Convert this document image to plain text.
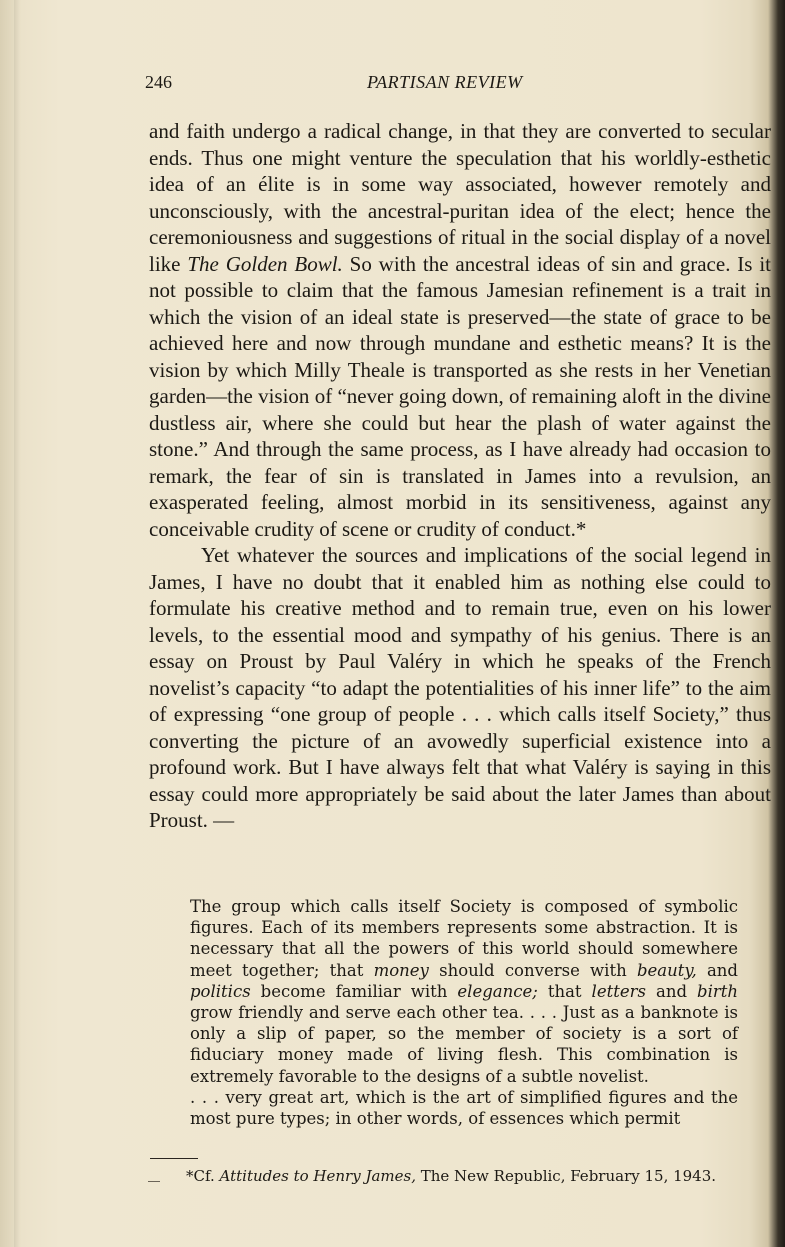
246	PARTISAN REVIEW

and faith undergo a radical change, in that they are converted to secular ends. Thus one might venture the speculation that his worldly-esthetic idea of an élite is in some way associated, however remotely and unconsciously, with the ancestral-puritan idea of the elect; hence the ceremoniousness and suggestions of ritual in the social display of a novel like The Golden Bowl. So with the ancestral ideas of sin and grace. Is it not possible to claim that the famous Jamesian refinement is a trait in which the vision of an ideal state is preserved—the state of grace to be achieved here and now through mundane and esthetic means? It is the vision by which Milly Theale is transported as she rests in her Venetian garden—the vision of “never going down, of remaining aloft in the divine dustless air, where she could but hear the plash of water against the stone.” And through the same process, as I have already had occasion to remark, the fear of sin is translated in James into a revulsion, an exasperated feeling, almost morbid in its sensitiveness, against any conceivable crudity of scene or crudity of conduct.*

Yet whatever the sources and implications of the social legend in James, I have no doubt that it enabled him as nothing else could to formulate his creative method and to remain true, even on his lower levels, to the essential mood and sympathy of his genius. There is an essay on Proust by Paul Valéry in which he speaks of the French novelist’s capacity “to adapt the potentialities of his inner life” to the aim of expressing “one group of people . . . which calls itself Society,” thus converting the picture of an avowedly superficial existence into a profound work. But I have always felt that what Valéry is saying in this essay could more appropriately be said about the later James than about Proust. —

The group which calls itself Society is composed of symbolic figures. Each of its members represents some abstraction. It is necessary that all the powers of this world should somewhere meet together; that money should converse with beauty, and politics become familiar with elegance; that letters and birth grow friendly and serve each other tea. . . . Just as a banknote is only a slip of paper, so the member of society is a sort of fiduciary money made of living flesh. This combination is extremely favorable to the designs of a subtle novelist.

. . . very great art, which is the art of simplified figures and the most pure types; in other words, of essences which permit

*Cf. Attitudes to Henry James, The New Republic, February 15, 1943.
